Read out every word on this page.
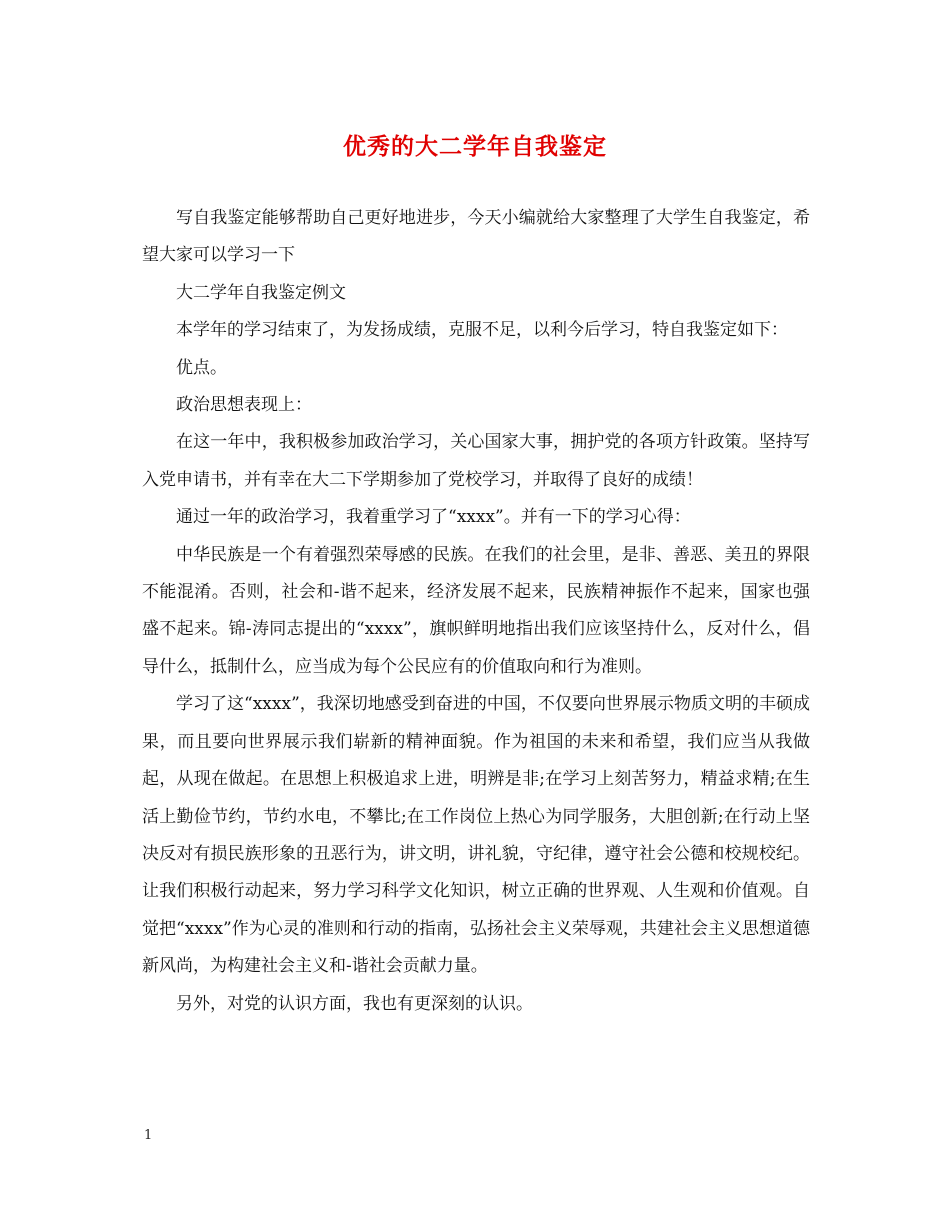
优秀的大二学年自我鉴定

写自我鉴定能够帮助自己更好地进步，今天小编就给大家整理了大学生自我鉴定，希望大家可以学习一下

大二学年自我鉴定例文

本学年的学习结束了，为发扬成绩，克服不足，以利今后学习，特自我鉴定如下：

优点。

政治思想表现上：

在这一年中，我积极参加政治学习，关心国家大事，拥护党的各项方针政策。坚持写入党申请书，并有幸在大二下学期参加了党校学习，并取得了良好的成绩！

通过一年的政治学习，我着重学习了“xxxx”。并有一下的学习心得：

中华民族是一个有着强烈荣辱感的民族。在我们的社会里，是非、善恶、美丑的界限不能混淆。否则，社会和-谐不起来，经济发展不起来，民族精神振作不起来，国家也强盛不起来。锦-涛同志提出的“xxxx”，旗帜鲜明地指出我们应该坚持什么，反对什么，倡导什么，抵制什么，应当成为每个公民应有的价值取向和行为准则。

学习了这“xxxx”，我深切地感受到奋进的中国，不仅要向世界展示物质文明的丰硕成果，而且要向世界展示我们崭新的精神面貌。作为祖国的未来和希望，我们应当从我做起，从现在做起。在思想上积极追求上进，明辨是非;在学习上刻苦努力，精益求精;在生活上勤俭节约，节约水电，不攀比;在工作岗位上热心为同学服务，大胆创新;在行动上坚决反对有损民族形象的丑恶行为，讲文明，讲礼貌，守纪律，遵守社会公德和校规校纪。让我们积极行动起来，努力学习科学文化知识，树立正确的世界观、人生观和价值观。自觉把“xxxx”作为心灵的准则和行动的指南，弘扬社会主义荣辱观，共建社会主义思想道德新风尚，为构建社会主义和-谐社会贡献力量。

另外，对党的认识方面，我也有更深刻的认识。

1
